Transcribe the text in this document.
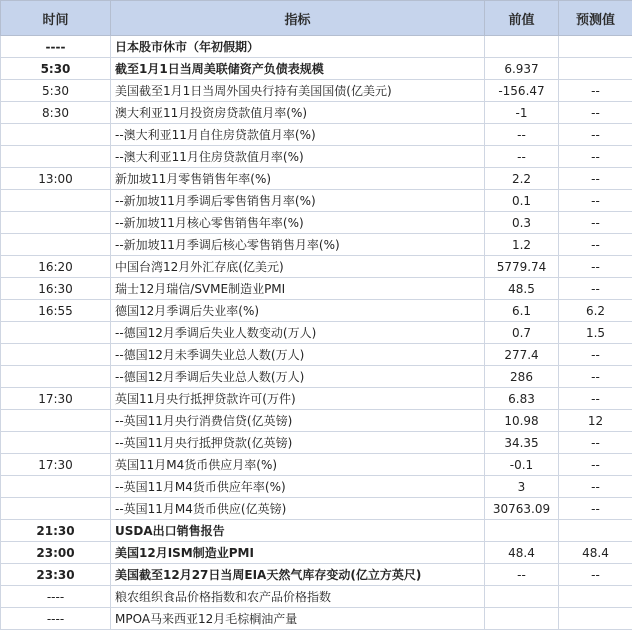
时间	指标	前值	预测值
----	日本股市休市（年初假期）		
5:30	截至1月1日当周美联储资产负债表规模	6.937	
5:30	美国截至1月1日当周外国央行持有美国国债(亿美元)	-156.47	--
8:30	澳大利亚11月投资房贷款值月率(%)	-1	--
	--澳大利亚11月自住房贷款值月率(%)	--	--
	--澳大利亚11月住房贷款值月率(%)	--	--
13:00	新加坡11月零售销售年率(%)	2.2	--
	--新加坡11月季调后零售销售月率(%)	0.1	--
	--新加坡11月核心零售销售年率(%)	0.3	--
	--新加坡11月季调后核心零售销售月率(%)	1.2	--
16:20	中国台湾12月外汇存底(亿美元)	5779.74	--
16:30	瑞士12月瑞信/SVME制造业PMI	48.5	--
16:55	德国12月季调后失业率(%)	6.1	6.2
	--德国12月季调后失业人数变动(万人)	0.7	1.5
	--德国12月未季调失业总人数(万人)	277.4	--
	--德国12月季调后失业总人数(万人)	286	--
17:30	英国11月央行抵押贷款许可(万件)	6.83	--
	--英国11月央行消费信贷(亿英镑)	10.98	12
	--英国11月央行抵押贷款(亿英镑)	34.35	--
17:30	英国11月M4货币供应月率(%)	-0.1	--
	--英国11月M4货币供应年率(%)	3	--
	--英国11月M4货币供应(亿英镑)	30763.09	--
21:30	USDA出口销售报告		
23:00	美国12月ISM制造业PMI	48.4	48.4
23:30	美国截至12月27日当周EIA天然气库存变动(亿立方英尺)	--	--
----	粮农组织食品价格指数和农产品价格指数		
----	MPOA马来西亚12月毛棕榈油产量		
